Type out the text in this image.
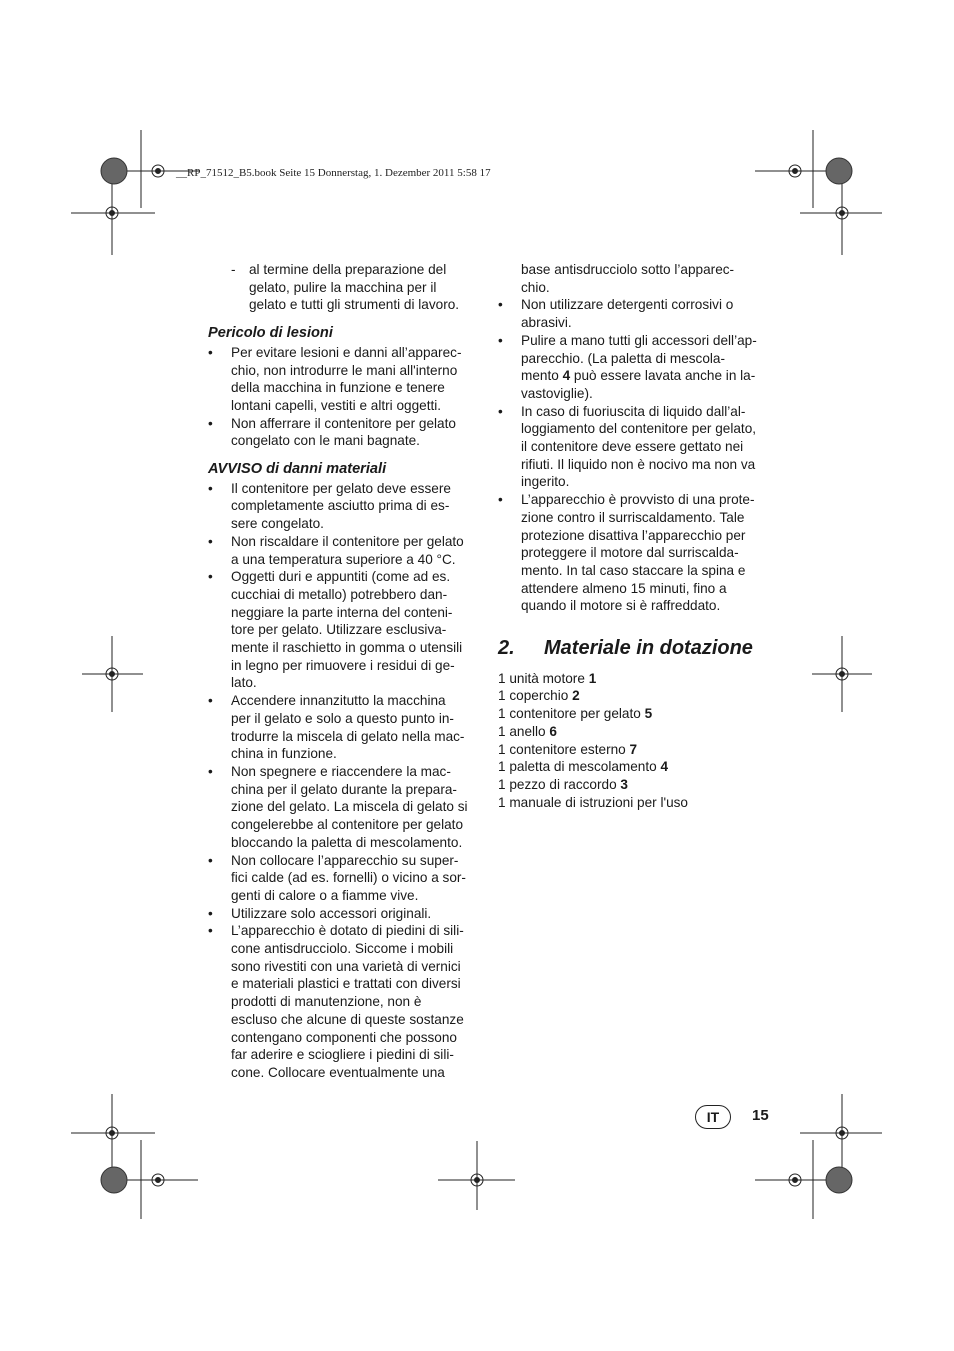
__RP_71512_B5.book Seite 15 Donnerstag, 1. Dezember 2011 5:58 17
- al termine della preparazione del
gelato, pulire la macchina per il
gelato e tutti gli strumenti di lavoro.
Pericolo di lesioni
•	Per evitare lesioni e danni all’apparec-
chio, non introdurre le mani all'interno
della macchina in funzione e tenere
lontani capelli, vestiti e altri oggetti.
•	Non afferrare il contenitore per gelato
congelato con le mani bagnate.
AVVISO di danni materiali
•	Il contenitore per gelato deve essere
completamente asciutto prima di es-
sere congelato.
•	Non riscaldare il contenitore per gelato
a una temperatura superiore a 40 °C.
•	Oggetti duri e appuntiti (come ad es.
cucchiai di metallo) potrebbero dan-
neggiare la parte interna del conteni-
tore per gelato. Utilizzare esclusiva-
mente il raschietto in gomma o utensili
in legno per rimuovere i residui di ge-
lato.
•	Accendere innanzitutto la macchina
per il gelato e solo a questo punto in-
trodurre la miscela di gelato nella mac-
china in funzione.
•	Non spegnere e riaccendere la mac-
china per il gelato durante la prepara-
zione del gelato. La miscela di gelato si
congelerebbe al contenitore per gelato
bloccando la paletta di mescolamento.
•	Non collocare l’apparecchio su super-
fici calde (ad es. fornelli) o vicino a sor-
genti di calore o a fiamme vive.
•	Utilizzare solo accessori originali.
•	L’apparecchio è dotato di piedini di sili-
cone antisdrucciolo. Siccome i mobili
sono rivestiti con una varietà di vernici
e materiali plastici e trattati con diversi
prodotti di manutenzione, non è
escluso che alcune di queste sostanze
contengano componenti che possono
far aderire e sciogliere i piedini di sili-
cone. Collocare eventualmente una
base antisdrucciolo sotto l’apparec-
chio.
•	Non utilizzare detergenti corrosivi o
abrasivi.
•	Pulire a mano tutti gli accessori dell’ap-
parecchio. (La paletta di mescola-
mento 4 può essere lavata anche in la-
vastoviglie).
•	In caso di fuoriuscita di liquido dall’al-
loggiamento del contenitore per gelato,
il contenitore deve essere gettato nei
rifiuti. Il liquido non è nocivo ma non va
ingerito.
•	L’apparecchio è provvisto di una prote-
zione contro il surriscaldamento. Tale
protezione disattiva l’apparecchio per
proteggere il motore dal surriscalda-
mento. In tal caso staccare la spina e
attendere almeno 15 minuti, fino a
quando il motore si è raffreddato.
2. Materiale in dotazione
1 unità motore 1
1 coperchio 2
1 contenitore per gelato 5
1 anello 6
1 contenitore esterno 7
1 paletta di mescolamento 4
1 pezzo di raccordo 3
1 manuale di istruzioni per l'uso
IT	15
